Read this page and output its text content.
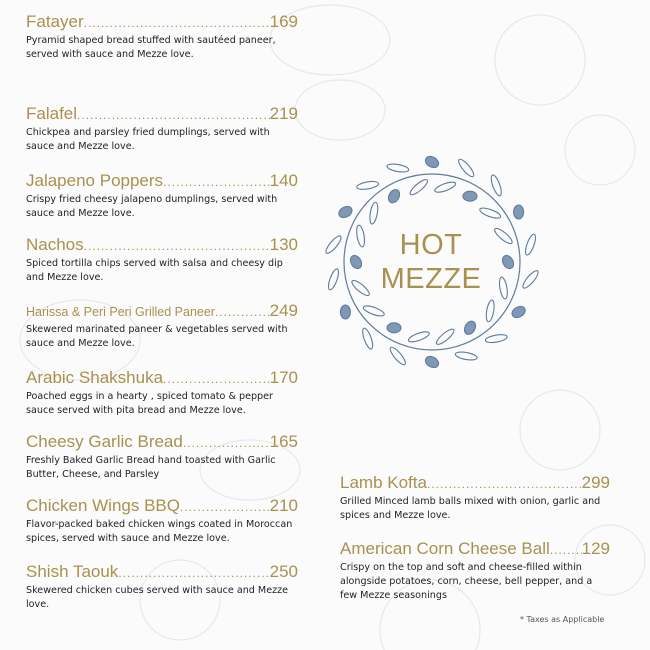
HOT
MEZZE
Fatayer .....	169
Pyramid shaped bread stuffed with sautéed paneer, served with sauce and Mezze love.
Falafel .....	219
Chickpea and parsley fried dumplings, served with sauce and Mezze love.
Jalapeno Poppers .....	140
Crispy fried cheesy jalapeno dumplings, served with sauce and Mezze love.
Nachos .....	130
Spiced tortilla chips served with salsa and cheesy dip and Mezze love.
Harissa & Peri Peri Grilled Paneer .....	249
Skewered marinated paneer & vegetables served with sauce and Mezze love.
Arabic Shakshuka .....	170
Poached eggs in a hearty , spiced tomato & pepper sauce served with pita bread and Mezze love.
Cheesy Garlic Bread .....	165
Freshly Baked Garlic Bread hand toasted with Garlic Butter, Cheese, and Parsley
Chicken Wings BBQ .....	210
Flavor-packed baked chicken wings coated in Moroccan spices, served with sauce and Mezze love.
Shish Taouk .....	250
Skewered chicken cubes served with sauce and Mezze love.
Lamb Kofta .....	299
Grilled Minced lamb balls mixed with onion, garlic and spices and Mezze love.
American Corn Cheese Ball ..... 129
Crispy on the top and soft and cheese-filled within alongside potatoes, corn, cheese, bell pepper, and a few Mezze seasonings
* Taxes as Applicable
